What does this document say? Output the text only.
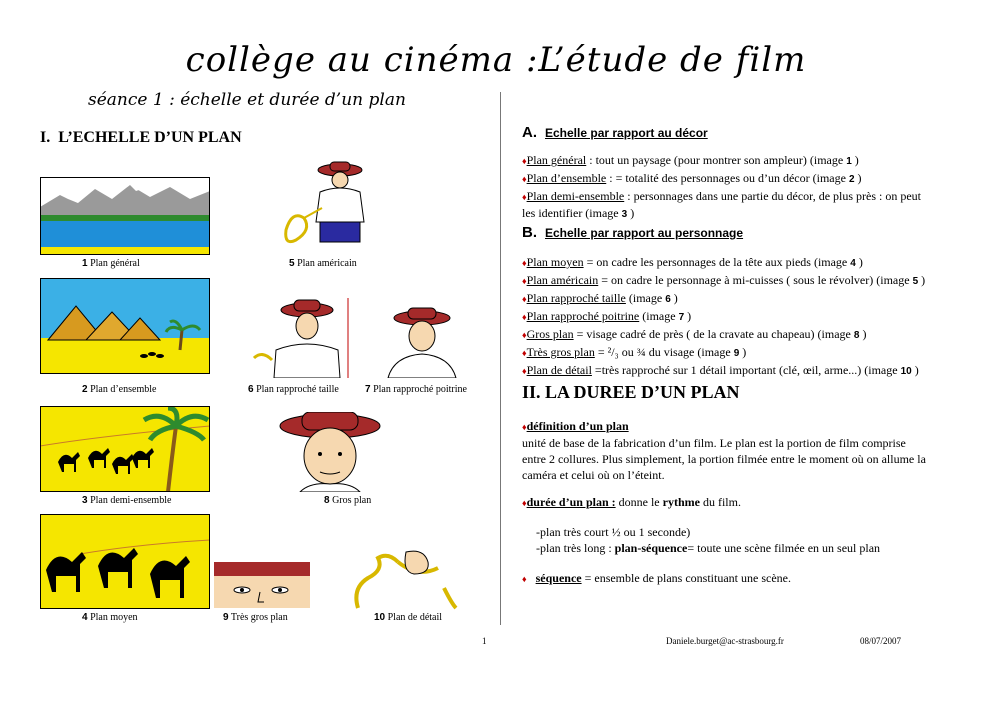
collège au cinéma :L’étude de film
séance 1 : échelle et durée d’un plan
I.  L’ECHELLE D’UN PLAN
1 Plan général	5 Plan américain
2 Plan d’ensemble	6 Plan rapproché taille	7 Plan rapproché poitrine
3 Plan demi-ensemble	8 Gros plan
4 Plan moyen	9 Très gros plan	10 Plan de détail
A. Echelle par rapport au décor
♦Plan général : tout un paysage (pour montrer son ampleur) (image 1 )
♦Plan d’ensemble : = totalité des personnages ou d’un décor (image 2 )
♦Plan demi-ensemble : personnages dans une partie du décor, de plus près : on peut
les identifier (image 3 )
B. Echelle par rapport au personnage
♦Plan moyen = on cadre les personnages de la tête aux pieds (image 4 )
♦Plan américain = on cadre le personnage à mi-cuisses ( sous le révolver) (image 5 )
♦Plan rapproché taille (image 6 )
♦Plan rapproché poitrine (image 7 )
♦Gros plan = visage cadré de près ( de la cravate au chapeau) (image 8 )
♦Très gros plan = ²/₃ ou ¾ du visage (image 9 )
♦Plan de détail =très rapproché sur 1 détail important (clé, œil, arme...) (image 10 )
II. LA DUREE D’UN PLAN
♦définition d’un plan
unité de base de la fabrication d’un film. Le plan est la portion de film comprise
entre 2 collures. Plus simplement, la portion filmée entre le moment où on allume la
caméra et celui où on l’éteint.
♦durée d’un plan : donne le rythme du film.
-plan très court ½ ou 1 seconde)
-plan très long : plan-séquence= toute une scène filmée en un seul plan
♦ séquence = ensemble de plans constituant une scène.
1	Daniele.burget@ac-strasbourg.fr	08/07/2007
